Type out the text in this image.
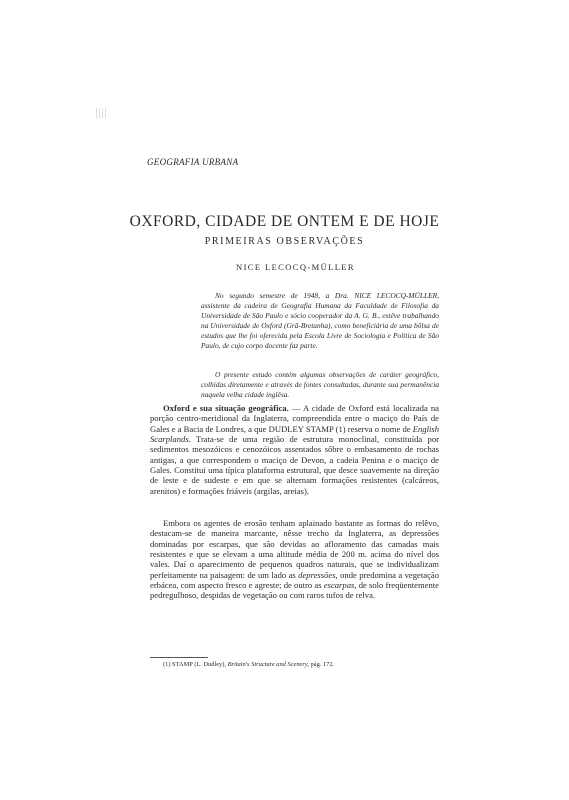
GEOGRAFIA URBANA
OXFORD, CIDADE DE ONTEM E DE HOJE
PRIMEIRAS OBSERVAÇÕES
NICE LECOCQ-MÜLLER

No segundo semestre de 1948, a Dra. NICE LECOCQ-MÜLLER, assistente da cadeira de Geografia Humana da Faculdade de Filosofia da Universidade de São Paulo e sócio cooperador da A. G. B., estêve trabalhando na Universidade de Oxford (Grã-Bretanha), como beneficiária de uma bôlsa de estudos que lhe foi oferecida pela Escola Livre de Sociologia e Política de São Paulo, de cujo corpo docente faz parte.

O presente estudo contém algumas observações de caráter geográfico, colhidas diretamente e através de fontes consultadas, durante sua permanência naquela velha cidade inglêsa.

Oxford e sua situação geográfica. — A cidade de Oxford está localizada na porção centro-meridional da Inglaterra, compreendida entre o maciço do País de Gales e a Bacia de Londres, a que DUDLEY STAMP (1) reserva o nome de English Scarplands. Trata-se de uma região de estrutura monoclinal, constituída por sedimentos mesozóicos e cenozóicos assentados sôbre o embasamento de rochas antigas, a que correspondem o maciço de Devon, a cadeia Penina e o maciço de Gales. Constitui uma típica plataforma estrutural, que desce suavemente na direção de leste e de sudeste e em que se alternam formações resistentes (calcáreos, arenitos) e formações friáveis (argilas, areias).

Embora os agentes de erosão tenham aplainado bastante as formas do relêvo, destacam-se de maneira marcante, nêsse trecho da Inglaterra, as depressões dominadas por escarpas, que são devidas ao afloramento das camadas mais resistentes e que se elevam a uma altitude média de 200 m. acima do nível dos vales. Daí o aparecimento de pequenos quadros naturais, que se individualizam perfeitamente na paisagem: de um lado as depressões, onde predomina a vegetação erbácea, com aspecto fresco e agreste; de outro as escarpas, de solo freqüentemente pedregulhoso, despidas de vegetação ou com raros tufos de relva.

(1) STAMP (L. Dudley), Britain's Structure and Scenery, pág. 172.
